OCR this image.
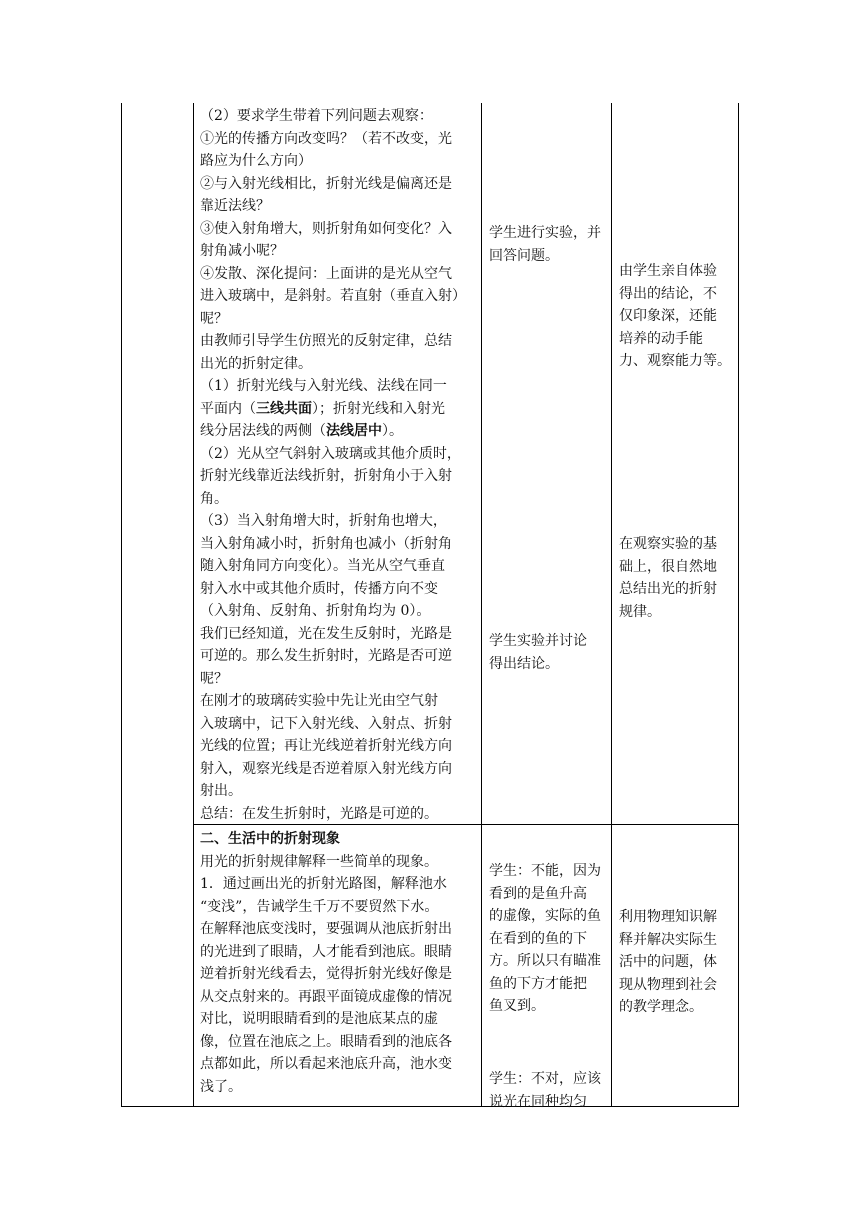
（2）要求学生带着下列问题去观察：

①光的传播方向改变吗？（若不改变，光

路应为什么方向）

②与入射光线相比，折射光线是偏离还是

靠近法线？

③使入射角增大，则折射角如何变化？入

射角减小呢？

④发散、深化提问：上面讲的是光从空气

进入玻璃中，是斜射。若直射（垂直入射）

呢？

由教师引导学生仿照光的反射定律，总结

出光的折射定律。

（1）折射光线与入射光线、法线在同一

平面内（三线共面）；折射光线和入射光

线分居法线的两侧（法线居中）。

（2）光从空气斜射入玻璃或其他介质时，

折射光线靠近法线折射，折射角小于入射

角。

（3）当入射角增大时，折射角也增大，

当入射角减小时，折射角也减小（折射角

随入射角同方向变化）。当光从空气垂直

射入水中或其他介质时，传播方向不变

（入射角、反射角、折射角均为 0）。

我们已经知道，光在发生反射时，光路是

可逆的。那么发生折射时，光路是否可逆

呢？

在刚才的玻璃砖实验中先让光由空气射

入玻璃中，记下入射光线、入射点、折射

光线的位置；再让光线逆着折射光线方向

射入，观察光线是否逆着原入射光线方向

射出。

总结：在发生折射时，光路是可逆的。

学生进行实验，并

回答问题。

学生实验并讨论

得出结论。

由学生亲自体验

得出的结论，不

仅印象深，还能

培养的动手能

力、观察能力等。

在观察实验的基

础上，很自然地

总结出光的折射

规律。

二、生活中的折射现象

用光的折射规律解释一些简单的现象。

1．通过画出光的折射光路图，解释池水

“变浅”，告诫学生千万不要贸然下水。

在解释池底变浅时，要强调从池底折射出

的光进到了眼睛，人才能看到池底。眼睛

逆着折射光线看去，觉得折射光线好像是

从交点射来的。再跟平面镜成虚像的情况

对比，说明眼睛看到的是池底某点的虚

像，位置在池底之上。眼睛看到的池底各

点都如此，所以看起来池底升高，池水变

浅了。

学生：不能，因为

看到的是鱼升高

的虚像，实际的鱼

在看到的鱼的下

方。所以只有瞄准

鱼的下方才能把

鱼叉到。

学生：不对，应该

说光在同种均匀

利用物理知识解

释并解决实际生

活中的问题，体

现从物理到社会

的教学理念。
